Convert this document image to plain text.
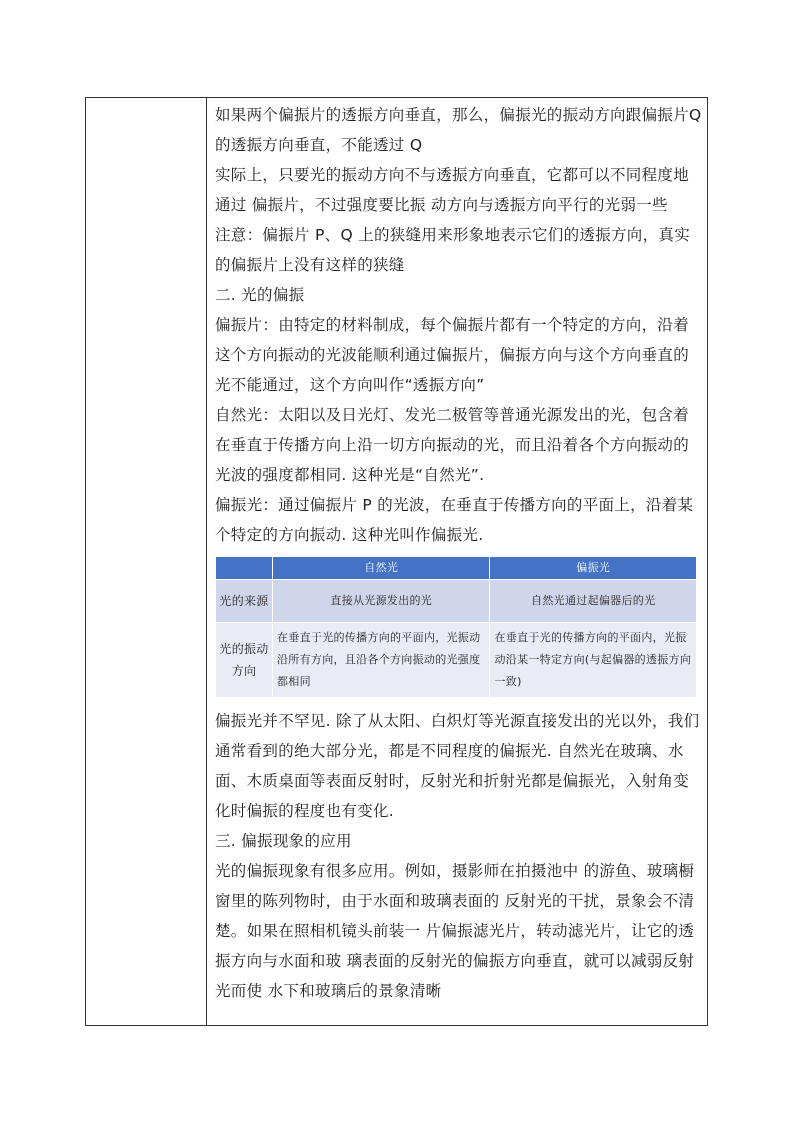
如果两个偏振片的透振方向垂直，那么，偏振光的振动方向跟偏振片Q 的透振方向垂直，不能透过 Q

实际上，只要光的振动方向不与透振方向垂直，它都可以不同程度地通过 偏振片，不过强度要比振 动方向与透振方向平行的光弱一些

注意：偏振片 P、Q 上的狭缝用来形象地表示它们的透振方向，真实的偏振片上没有这样的狭缝

二. 光的偏振

偏振片：由特定的材料制成，每个偏振片都有一个特定的方向，沿着这个方向振动的光波能顺利通过偏振片，偏振方向与这个方向垂直的光不能通过，这个方向叫作“透振方向”

自然光：太阳以及日光灯、发光二极管等普通光源发出的光，包含着在垂直于传播方向上沿一切方向振动的光，而且沿着各个方向振动的光波的强度都相同. 这种光是“自然光”.

偏振光：通过偏振片 P 的光波，在垂直于传播方向的平面上，沿着某个特定的方向振动. 这种光叫作偏振光.

	自然光	偏振光
光的来源	直接从光源发出的光	自然光通过起偏器后的光
光的振动方向	在垂直于光的传播方向的平面内，光振动沿所有方向，且沿各个方向振动的光强度都相同	在垂直于光的传播方向的平面内，光振动沿某一特定方向(与起偏器的透振方向一致)

偏振光并不罕见. 除了从太阳、白炽灯等光源直接发出的光以外，我们通常看到的绝大部分光，都是不同程度的偏振光. 自然光在玻璃、水面、木质桌面等表面反射时，反射光和折射光都是偏振光，入射角变化时偏振的程度也有变化.

三. 偏振现象的应用

光的偏振现象有很多应用。例如，摄影师在拍摄池中 的游鱼、玻璃橱窗里的陈列物时，由于水面和玻璃表面的 反射光的干扰，景象会不清楚。如果在照相机镜头前装一 片偏振滤光片，转动滤光片，让它的透振方向与水面和玻 璃表面的反射光的偏振方向垂直，就可以减弱反射光而使 水下和玻璃后的景象清晰
